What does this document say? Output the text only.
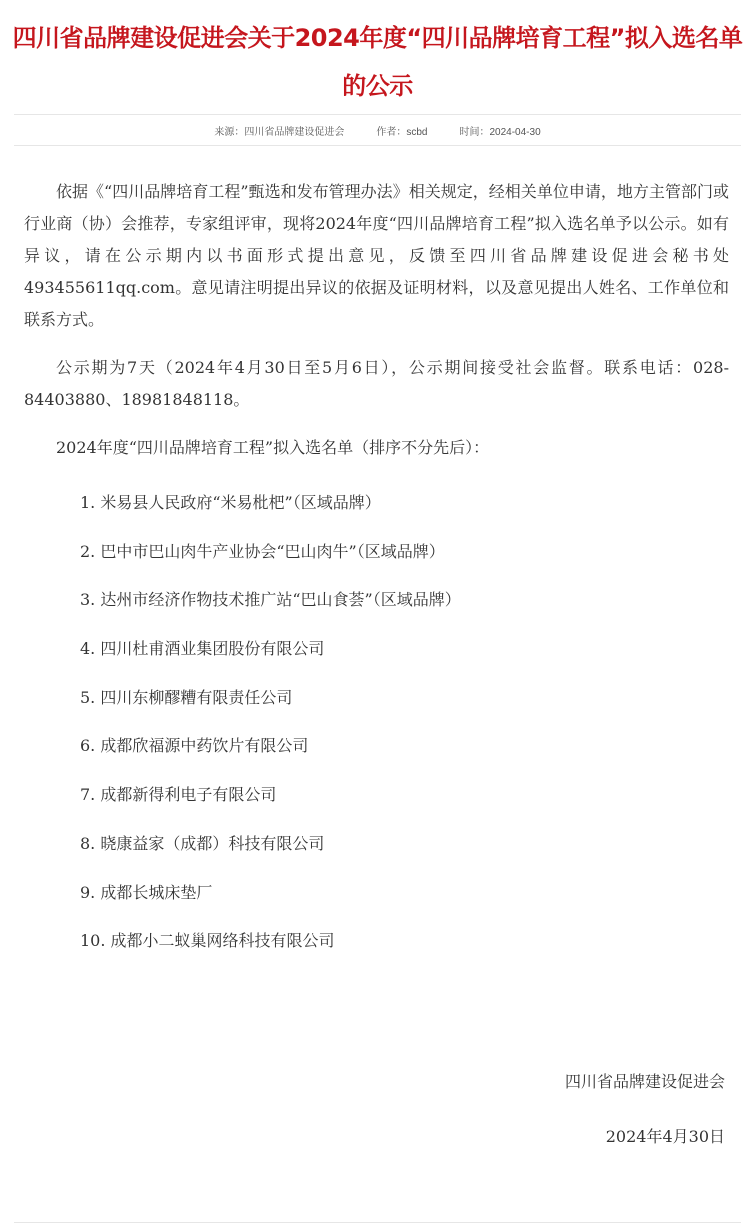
四川省品牌建设促进会关于2024年度“四川品牌培育工程”拟入选名单的公示
来源：四川省品牌建设促进会	作者：scbd	时间：2024-04-30

依据《“四川品牌培育工程”甄选和发布管理办法》相关规定，经相关单位申请，地方主管部门或行业商（协）会推荐，专家组评审，现将2024年度“四川品牌培育工程”拟入选名单予以公示。如有异议，请在公示期内以书面形式提出意见，反馈至四川省品牌建设促进会秘书处493455611qq.com。意见请注明提出异议的依据及证明材料，以及意见提出人姓名、工作单位和联系方式。

公示期为7天（2024年4月30日至5月6日），公示期间接受社会监督。联系电话：028-84403880、18981848118。

2024年度“四川品牌培育工程”拟入选名单（排序不分先后）：

1. 米易县人民政府“米易枇杷”（区域品牌）
2. 巴中市巴山肉牛产业协会“巴山肉牛”（区域品牌）
3. 达州市经济作物技术推广站“巴山食荟”（区域品牌）
4. 四川杜甫酒业集团股份有限公司
5. 四川东柳醪糟有限责任公司
6. 成都欣福源中药饮片有限公司
7. 成都新得利电子有限公司
8. 晓康益家（成都）科技有限公司
9. 成都长城床垫厂
10. 成都小二蚁巢网络科技有限公司
四川省品牌建设促进会
2024年4月30日
